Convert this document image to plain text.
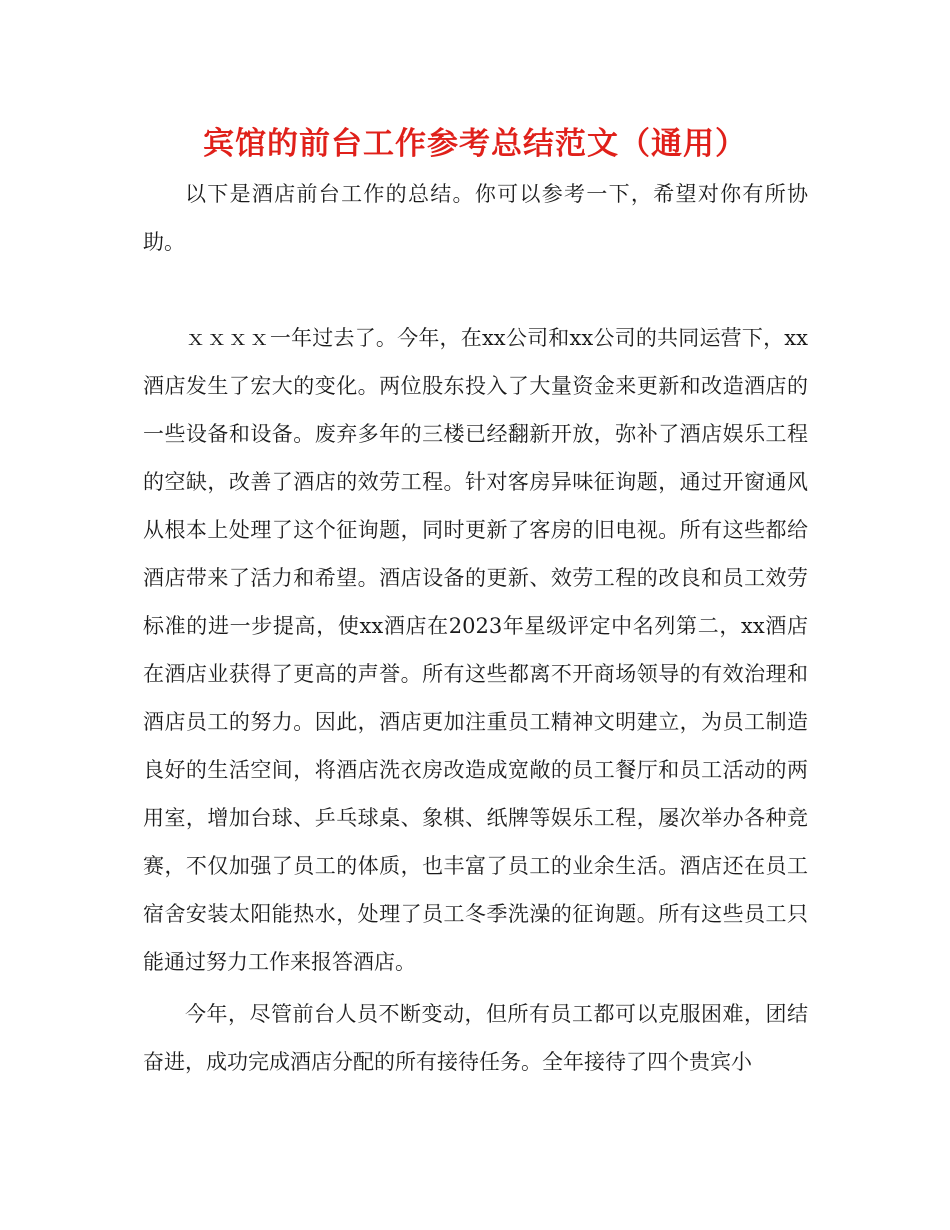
宾馆的前台工作参考总结范文（通用）

以下是酒店前台工作的总结。你可以参考一下，希望对你有所协助。

ｘｘｘｘ一年过去了。今年，在xx公司和xx公司的共同运营下，xx酒店发生了宏大的变化。两位股东投入了大量资金来更新和改造酒店的一些设备和设备。废弃多年的三楼已经翻新开放，弥补了酒店娱乐工程的空缺，改善了酒店的效劳工程。针对客房异味征询题，通过开窗通风从根本上处理了这个征询题，同时更新了客房的旧电视。所有这些都给酒店带来了活力和希望。酒店设备的更新、效劳工程的改良和员工效劳标准的进一步提高，使xx酒店在2023年星级评定中名列第二，xx酒店在酒店业获得了更高的声誉。所有这些都离不开商场领导的有效治理和酒店员工的努力。因此，酒店更加注重员工精神文明建立，为员工制造良好的生活空间，将酒店洗衣房改造成宽敞的员工餐厅和员工活动的两用室，增加台球、乒乓球桌、象棋、纸牌等娱乐工程，屡次举办各种竞赛，不仅加强了员工的体质，也丰富了员工的业余生活。酒店还在员工宿舍安装太阳能热水，处理了员工冬季洗澡的征询题。所有这些员工只能通过努力工作来报答酒店。

今年，尽管前台人员不断变动，但所有员工都可以克服困难，团结奋进，成功完成酒店分配的所有接待任务。全年接待了四个贵宾小
